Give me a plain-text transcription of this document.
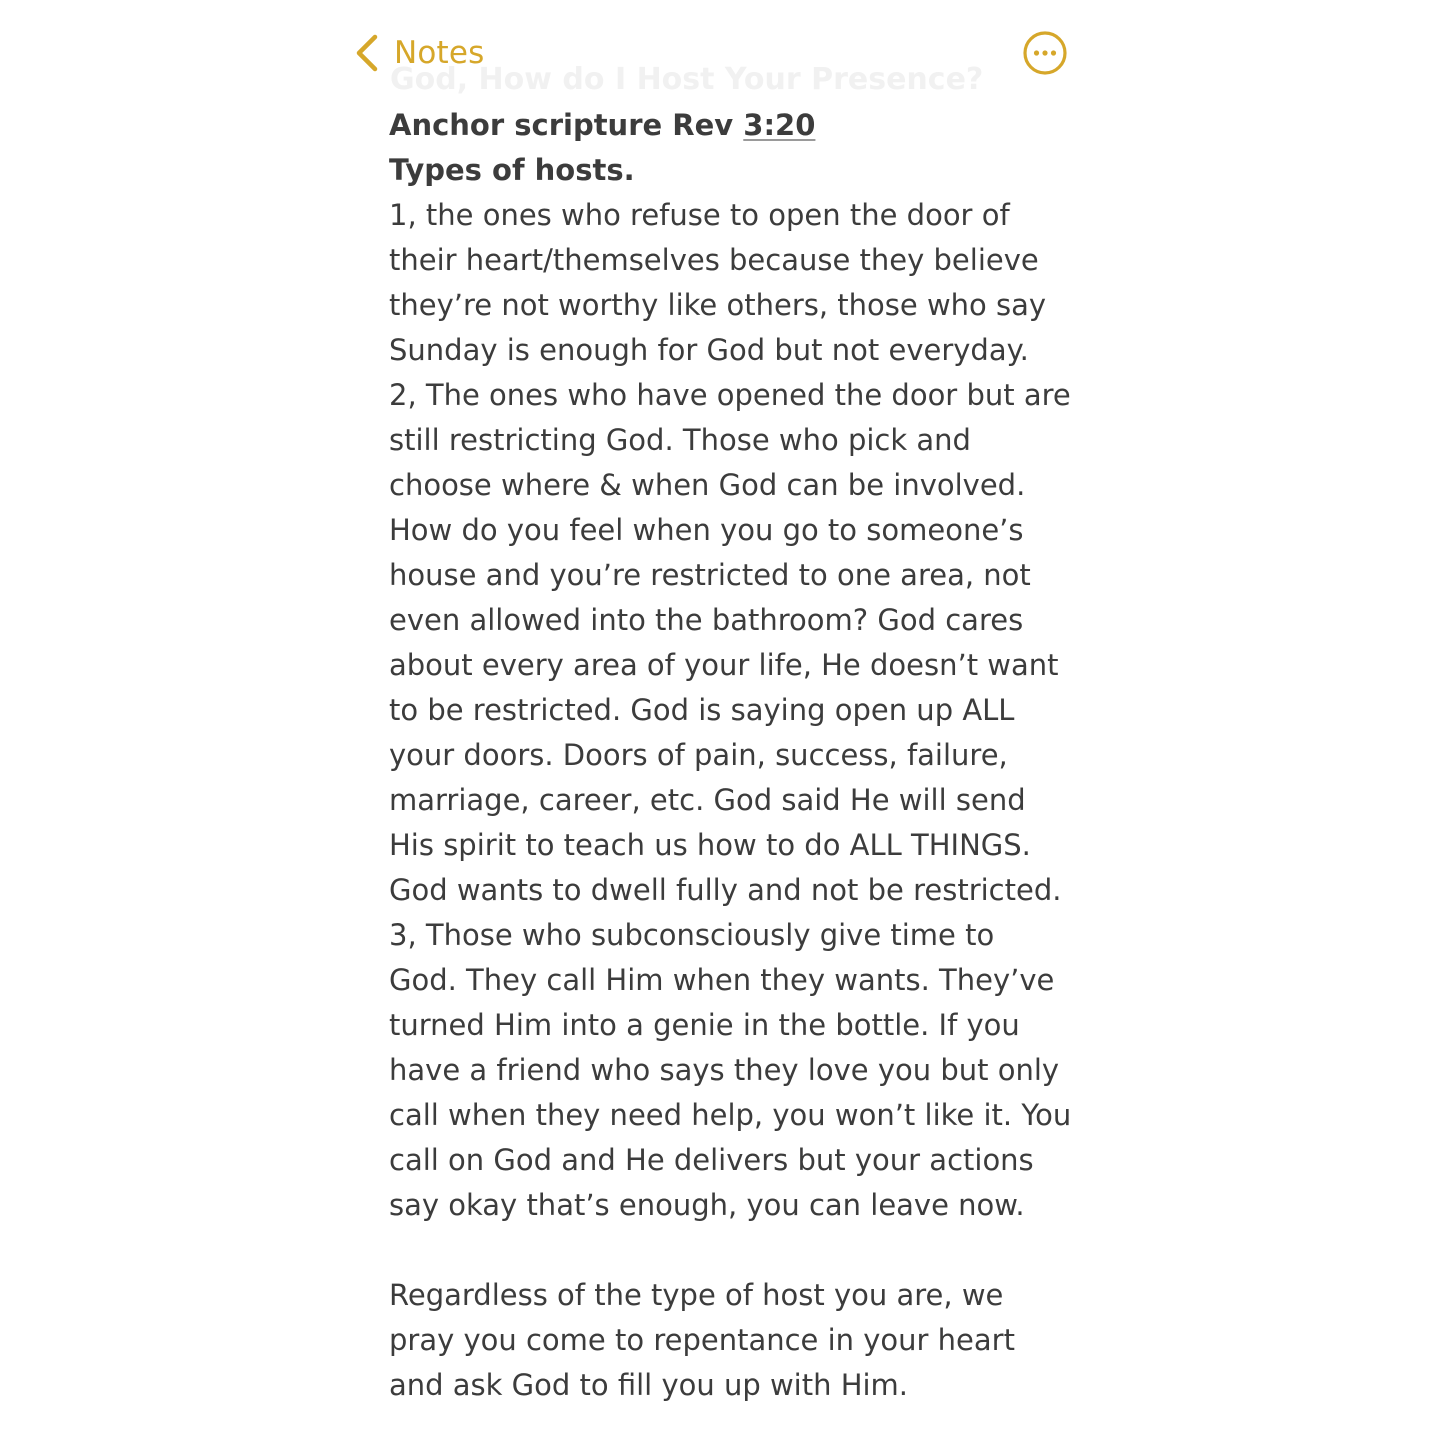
Notes
God, How do I Host Your Presence?
Anchor scripture Rev 3:20
Types of hosts.
1, the ones who refuse to open the door of
their heart/themselves because they believe
they’re not worthy like others, those who say
Sunday is enough for God but not everyday.
2, The ones who have opened the door but are
still restricting God. Those who pick and
choose where & when God can be involved.
How do you feel when you go to someone’s
house and you’re restricted to one area, not
even allowed into the bathroom? God cares
about every area of your life, He doesn’t want
to be restricted. God is saying open up ALL
your doors. Doors of pain, success, failure,
marriage, career, etc. God said He will send
His spirit to teach us how to do ALL THINGS.
God wants to dwell fully and not be restricted.
3, Those who subconsciously give time to
God. They call Him when they wants. They’ve
turned Him into a genie in the bottle. If you
have a friend who says they love you but only
call when they need help, you won’t like it. You
call on God and He delivers but your actions
say okay that’s enough, you can leave now.
Regardless of the type of host you are, we
pray you come to repentance in your heart
and ask God to fill you up with Him.
